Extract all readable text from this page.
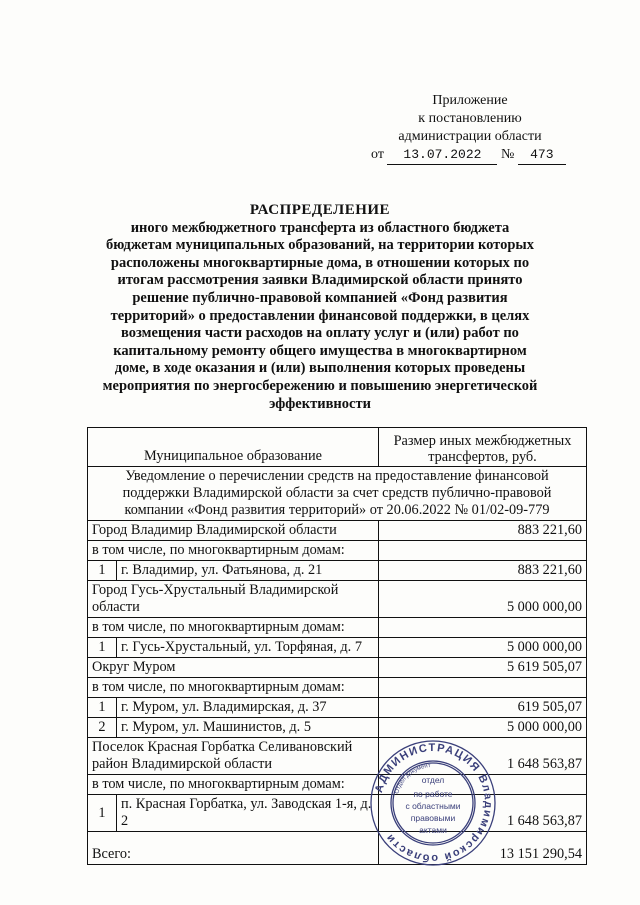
Приложение
к постановлению
администрации области
от 13.07.2022 № 473
РАСПРЕДЕЛЕНИЕ
иного межбюджетного трансферта из областного бюджета
бюджетам муниципальных образований, на территории которых
расположены многоквартирные дома, в отношении которых по
итогам рассмотрения заявки Владимирской области принято
решение публично-правовой компанией «Фонд развития
территорий» о предоставлении финансовой поддержки, в целях
возмещения части расходов на оплату услуг и (или) работ по
капитальному ремонту общего имущества в многоквартирном
доме, в ходе оказания и (или) выполнения которых проведены
мероприятия по энергосбережению и повышению энергетической
эффективности
Муниципальное образование		Размер иных межбюджетных
трансфертов, руб.
Уведомление о перечислении средств на предоставление финансовой поддержки Владимирской области за счет средств публично-правовой компании «Фонд развития территорий» от 20.06.2022 № 01/02-09-779		
Город Владимир Владимирской области		883 221,60
в том числе, по многоквартирным домам:		
1	г. Владимир, ул. Фатьянова, д. 21	883 221,60
Город Гусь-Хрустальный Владимирской области		5 000 000,00
в том числе, по многоквартирным домам:		
1	г. Гусь-Хрустальный, ул. Торфяная, д. 7	5 000 000,00
Округ Муром		5 619 505,07
в том числе, по многоквартирным домам:		
1	г. Муром, ул. Владимирская, д. 37	619 505,07
2	г. Муром, ул. Машинистов, д. 5	5 000 000,00
Поселок Красная Горбатка Селивановский район Владимирской области		1 648 563,87
в том числе, по многоквартирным домам:		
1	п. Красная Горбатка, ул. Заводская 1-я, д. 2	1 648 563,87
Всего:		13 151 290,54
АДМИНИСТРАЦИЯ Владимирской области
Отдел документ
отдел
по работе
с областными
правовыми
актами
